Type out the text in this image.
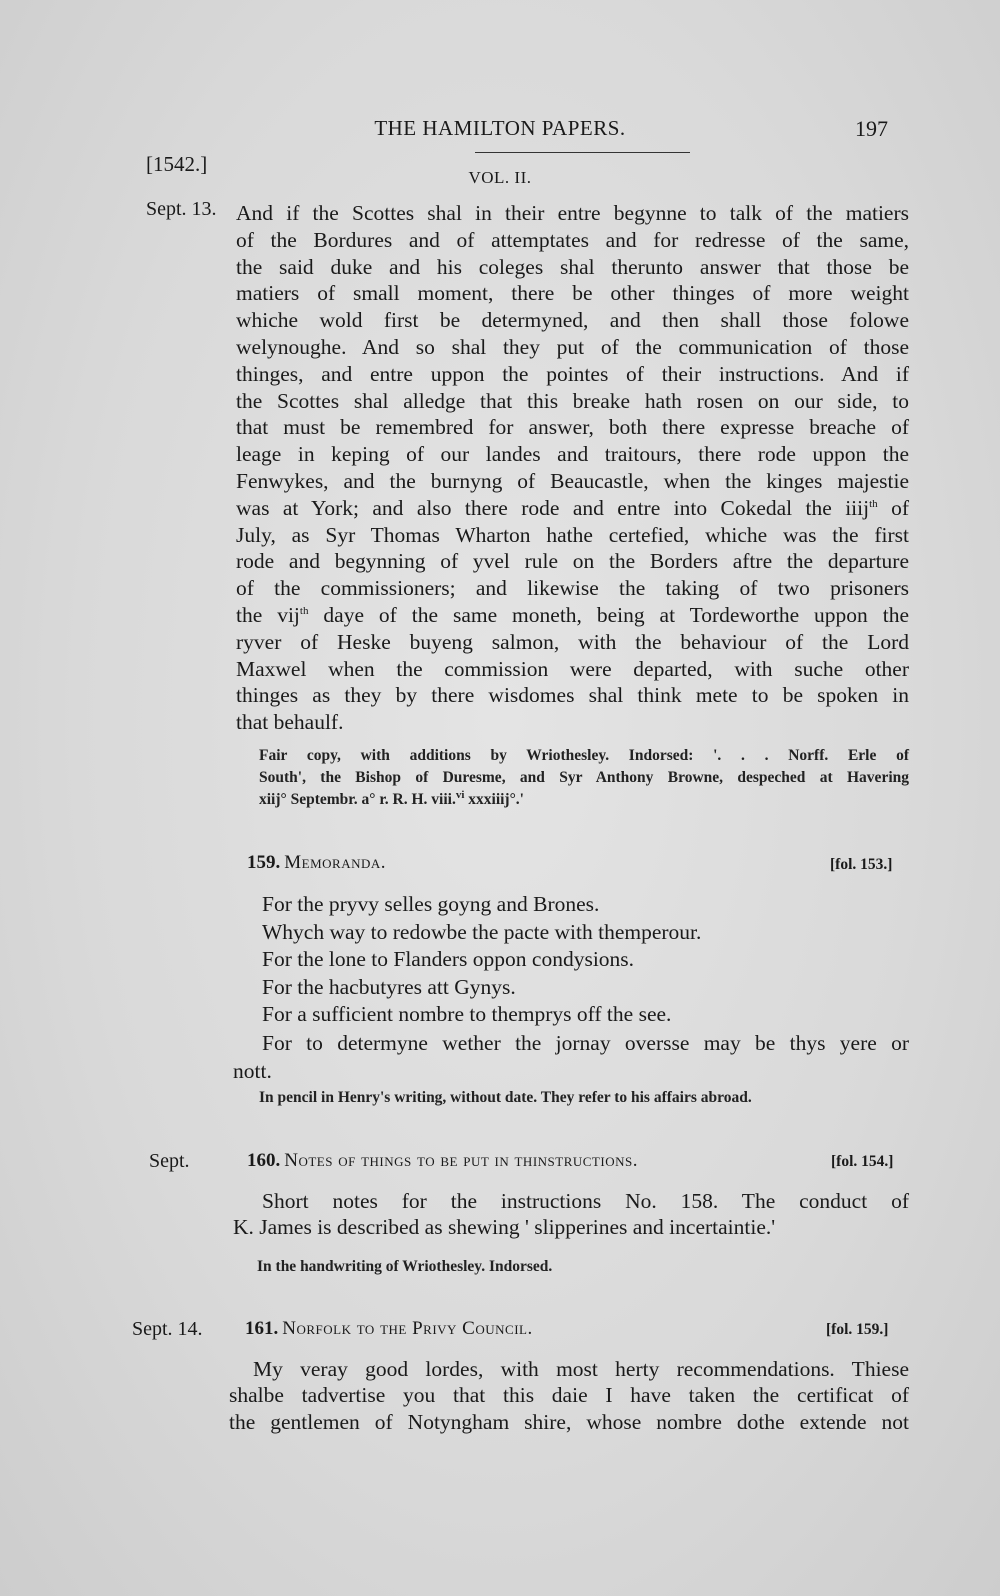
THE HAMILTON PAPERS.	197
[1542.]
VOL. II.
Sept. 13. And if the Scottes shal in their entre begynne to talk of the matiers
of the Bordures and of attemptates and for redresse of the same,
the said duke and his coleges shal therunto answer that those be
matiers of small moment, there be other thinges of more weight
whiche wold first be determyned, and then shall those folowe
welynoughe. And so shal they put of the communication of those
thinges, and entre uppon the pointes of their instructions. And if
the Scottes shal alledge that this breake hath rosen on our side, to
that must be remembred for answer, both there expresse breache of
leage in keping of our landes and traitours, there rode uppon the
Fenwykes, and the burnyng of Beaucastle, when the kinges majestie
was at York; and also there rode and entre into Cokedal the iiij$^{th}$ of
July, as Syr Thomas Wharton hathe certefied, whiche was the first
rode and begynning of yvel rule on the Borders aftre the departure
of the commissioners; and likewise the taking of two prisoners
the vij$^{th}$ daye of the same moneth, being at Tordeworthe uppon the
ryver of Heske buyeng salmon, with the behaviour of the Lord
Maxwel when the commission were departed, with suche other
thinges as they by there wisdomes shal think mete to be spoken in
that behaulf.
Fair copy, with additions by Wriothesley. Indorsed: '. . . Norff. Erle of
South', the Bishop of Duresme, and Syr Anthony Browne, despeched at Havering
xiij° Septembr. a° r. R. H. viii.$^{vi}$ xxxiiij°.'
159. Memoranda.	[fol. 153.]
For the pryvy selles goyng and Brones.
Whych way to redowbe the pacte with themperour.
For the lone to Flanders oppon condysions.
For the hacbutyres att Gynys.
For a sufficient nombre to themprys off the see.
For to determyne wether the jornay oversse may be thys yere or
nott.
In pencil in Henry's writing, without date. They refer to his affairs abroad.
Sept.	160. Notes of things to be put in thinstructions.	[fol. 154.]
Short notes for the instructions No. 158. The conduct of
K. James is described as shewing ' slipperines and incertaintie.'
In the handwriting of Wriothesley. Indorsed.
Sept. 14. 161. Norfolk to the Privy Council.	[fol. 159.]
My veray good lordes, with most herty recommendations. Thiese
shalbe tadvertise you that this daie I have taken the certificat of
the gentlemen of Notyngham shire, whose nombre dothe extende not
